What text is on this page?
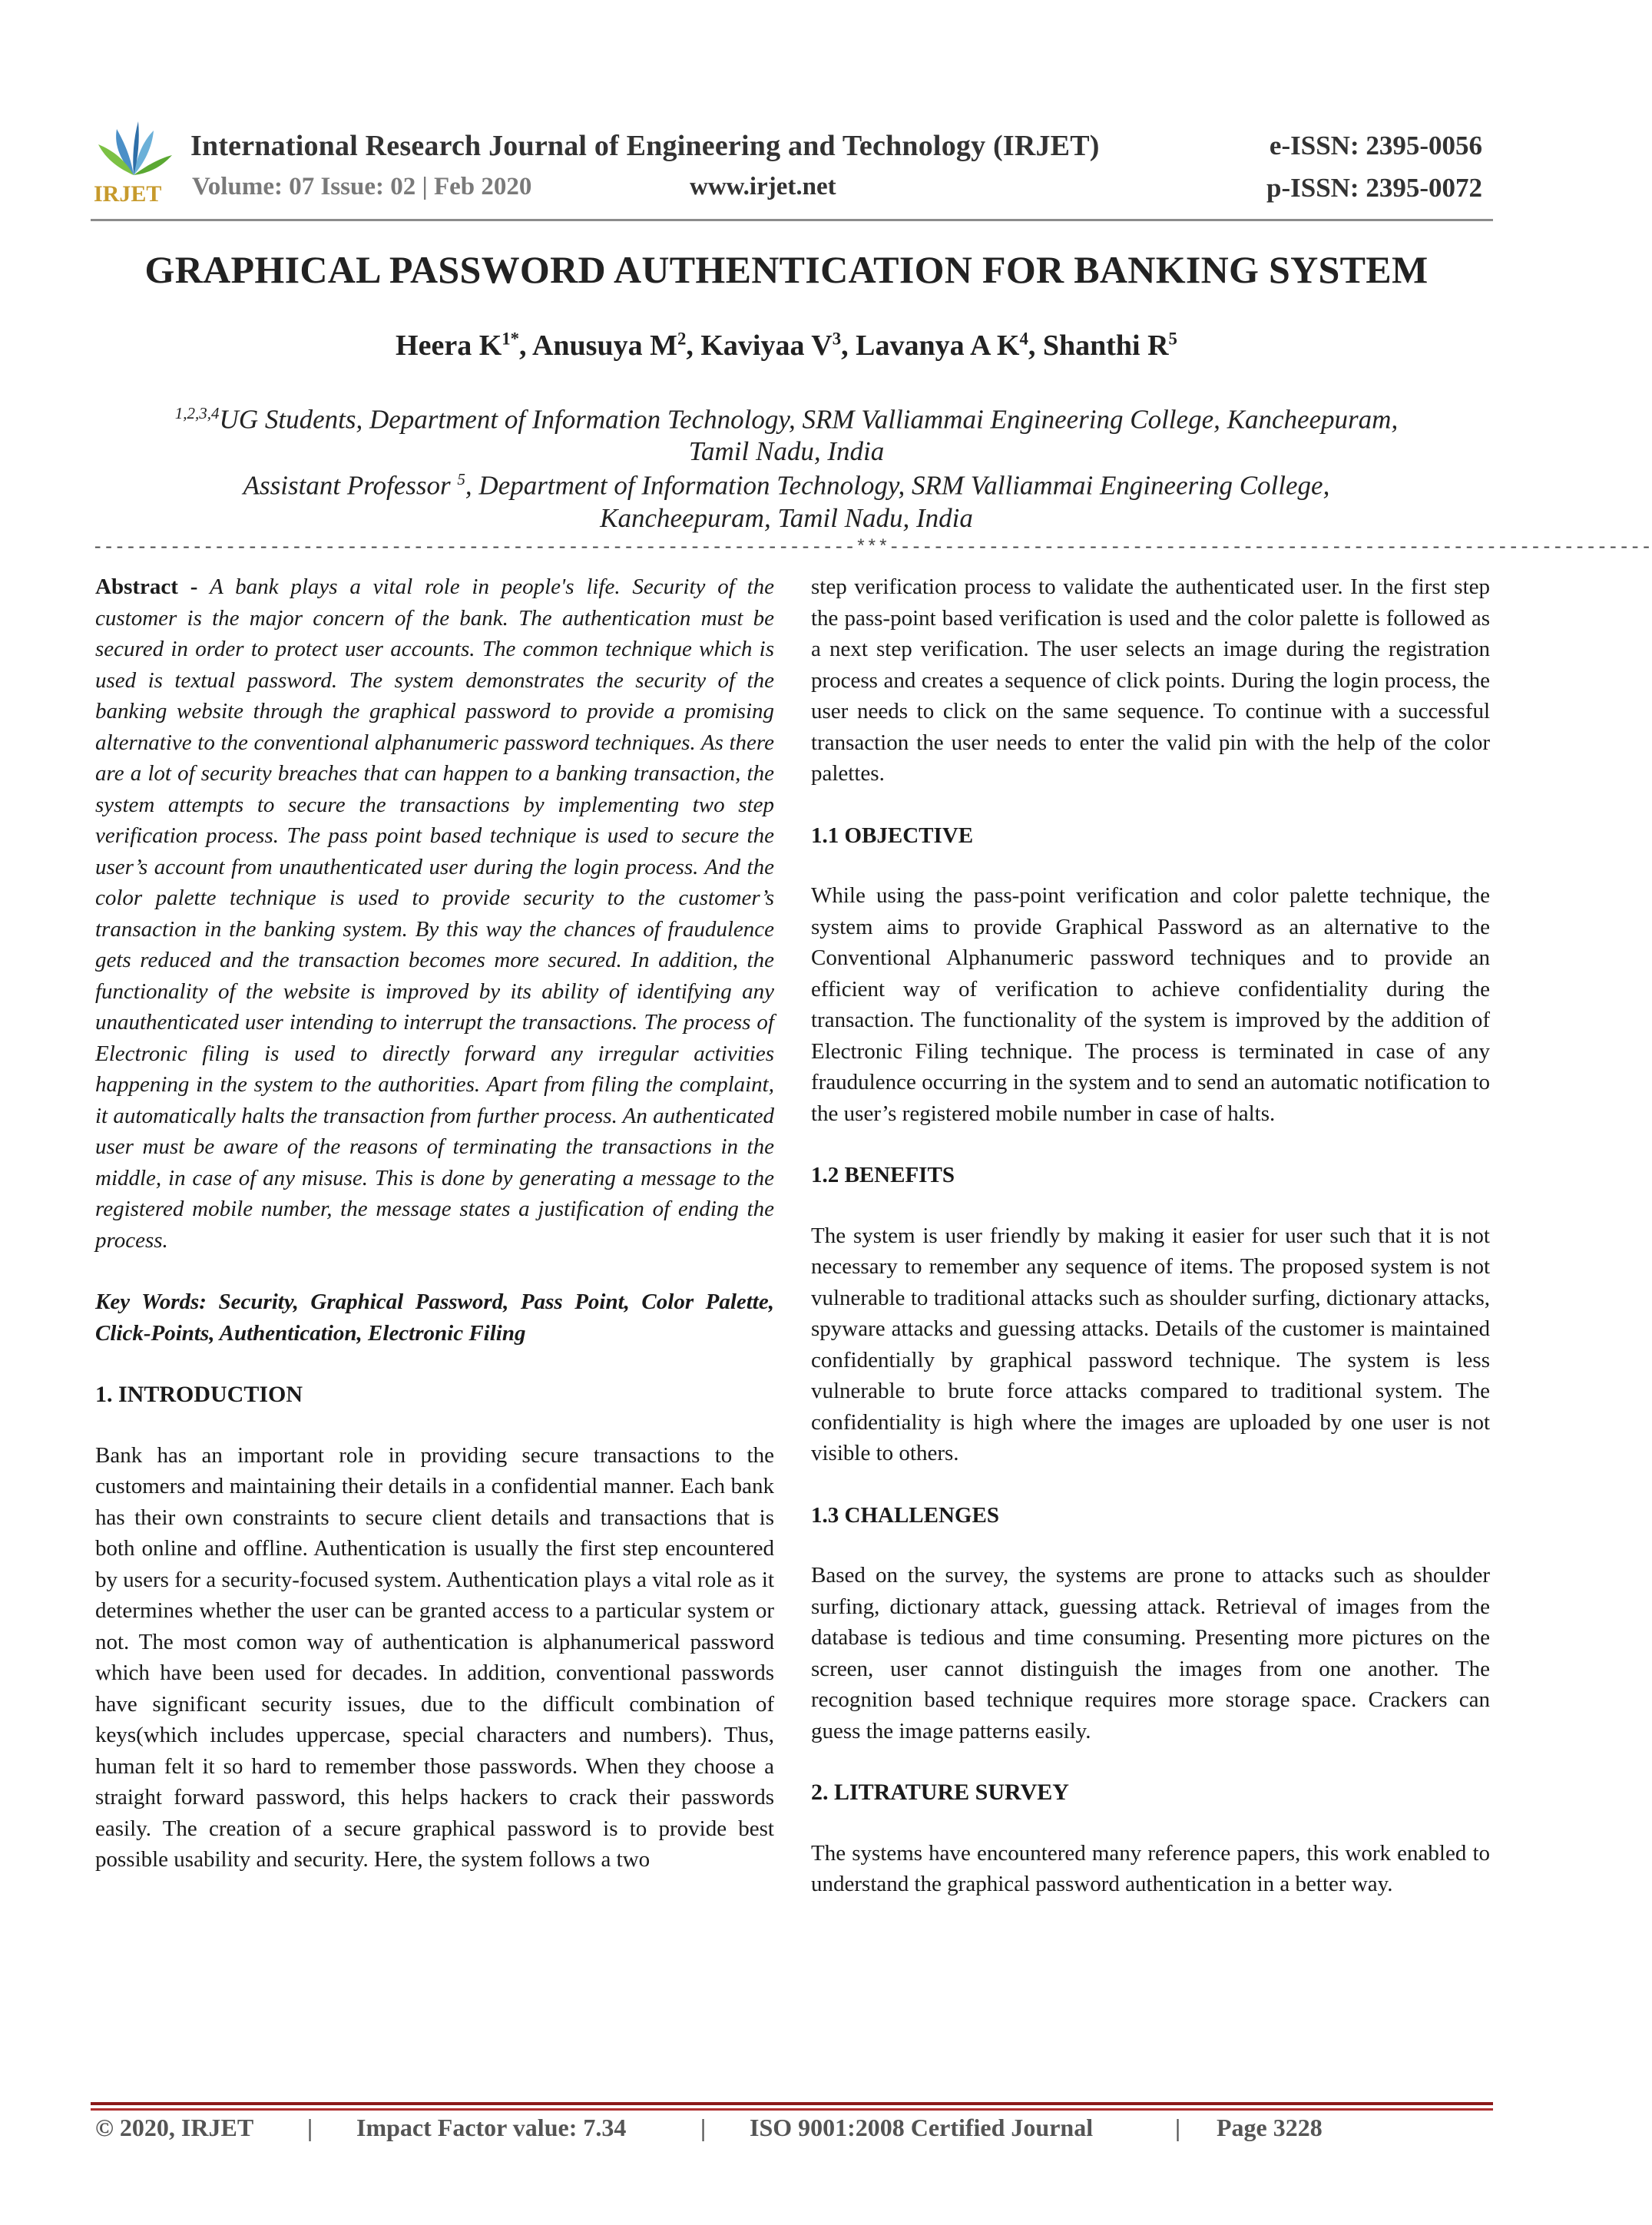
IRJET
International Research Journal of Engineering and Technology (IRJET)	e-ISSN: 2395-0056
Volume: 07 Issue: 02 | Feb 2020	www.irjet.net	p-ISSN: 2395-0072
GRAPHICAL PASSWORD AUTHENTICATION FOR BANKING SYSTEM
Heera $K^{1*}$, Anusuya $M^2$, Kaviyaa $V^3$, Lavanya A $K^4$, Shanthi $R^5$
$^{1,2,3,4}$UG Students, Department of Information Technology, SRM Valliammai Engineering College, Kancheepuram,
Tamil Nadu, India
Assistant Professor $^5$, Department of Information Technology, SRM Valliammai Engineering College,
Kancheepuram, Tamil Nadu, India
---------------------------------------------------------------------***---------------------------------------------------------------------

Abstract - A bank plays a vital role in people's life. Security of the customer is the major concern of the bank. The authentication must be secured in order to protect user accounts. The common technique which is used is textual password. The system demonstrates the security of the banking website through the graphical password to provide a promising alternative to the conventional alphanumeric password techniques. As there are a lot of security breaches that can happen to a banking transaction, the system attempts to secure the transactions by implementing two step verification process. The pass point based technique is used to secure the user’s account from unauthenticated user during the login process. And the color palette technique is used to provide security to the customer’s transaction in the banking system. By this way the chances of fraudulence gets reduced and the transaction becomes more secured. In addition, the functionality of the website is improved by its ability of identifying any unauthenticated user intending to interrupt the transactions. The process of Electronic filing is used to directly forward any irregular activities happening in the system to the authorities. Apart from filing the complaint, it automatically halts the transaction from further process. An authenticated user must be aware of the reasons of terminating the transactions in the middle, in case of any misuse. This is done by generating a message to the registered mobile number, the message states a justification of ending the process.

Key Words: Security, Graphical Password, Pass Point, Color Palette, Click-Points, Authentication, Electronic Filing

1. INTRODUCTION

Bank has an important role in providing secure transactions to the customers and maintaining their details in a confidential manner. Each bank has their own constraints to secure client details and transactions that is both online and offline. Authentication is usually the first step encountered by users for a security-focused system. Authentication plays a vital role as it determines whether the user can be granted access to a particular system or not. The most comon way of authentication is alphanumerical password which have been used for decades. In addition, conventional passwords have significant security issues, due to the difficult combination of keys(which includes uppercase, special characters and numbers). Thus, human felt it so hard to remember those passwords. When they choose a straight forward password, this helps hackers to crack their passwords easily. The creation of a secure graphical password is to provide best possible usability and security. Here, the system follows a two

step verification process to validate the authenticated user. In the first step the pass-point based verification is used and the color palette is followed as a next step verification. The user selects an image during the registration process and creates a sequence of click points. During the login process, the user needs to click on the same sequence. To continue with a successful transaction the user needs to enter the valid pin with the help of the color palettes.

1.1 OBJECTIVE

While using the pass-point verification and color palette technique, the system aims to provide Graphical Password as an alternative to the Conventional Alphanumeric password techniques and to provide an efficient way of verification to achieve confidentiality during the transaction. The functionality of the system is improved by the addition of Electronic Filing technique. The process is terminated in case of any fraudulence occurring in the system and to send an automatic notification to the user’s registered mobile number in case of halts.

1.2 BENEFITS

The system is user friendly by making it easier for user such that it is not necessary to remember any sequence of items. The proposed system is not vulnerable to traditional attacks such as shoulder surfing, dictionary attacks, spyware attacks and guessing attacks. Details of the customer is maintained confidentially by graphical password technique. The system is less vulnerable to brute force attacks compared to traditional system. The confidentiality is high where the images are uploaded by one user is not visible to others.

1.3 CHALLENGES

Based on the survey, the systems are prone to attacks such as shoulder surfing, dictionary attack, guessing attack. Retrieval of images from the database is tedious and time consuming. Presenting more pictures on the screen, user cannot distinguish the images from one another. The recognition based technique requires more storage space. Crackers can guess the image patterns easily.

2. LITRATURE SURVEY

The systems have encountered many reference papers, this work enabled to understand the graphical password authentication in a better way.

© 2020, IRJET | Impact Factor value: 7.34	| ISO 9001:2008 Certified Journal	| Page 3228
